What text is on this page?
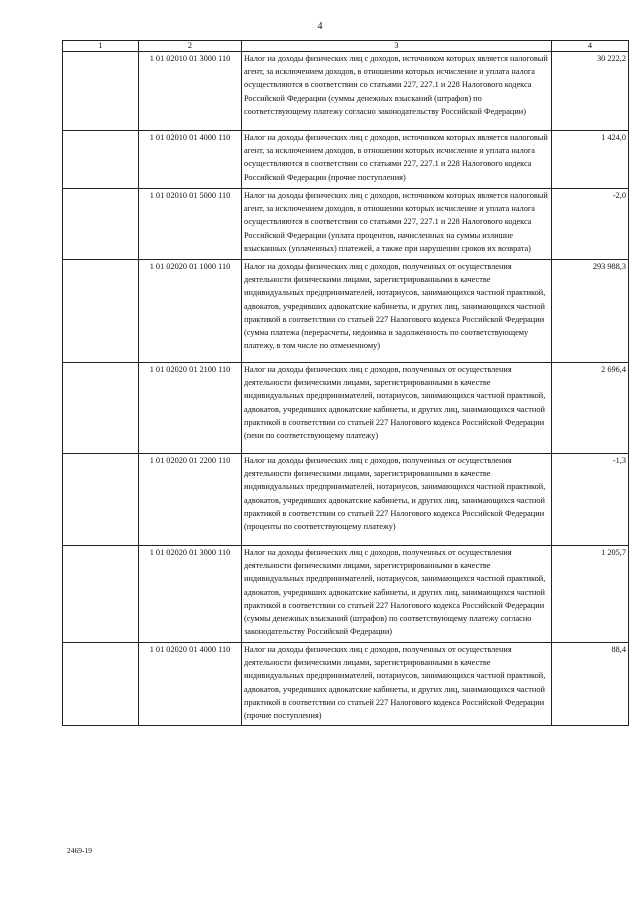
4
1	2	3	4
	1 01 02010 01 3000 110	Налог на доходы физических лиц с доходов, источником которых является налоговый агент, за исключением доходов, в отношении которых исчисление и уплата налога осуществляются в соответствии со статьями 227, 227.1 и 228 Налогового кодекса Российской Федерации (суммы денежных взысканий (штрафов) по соответствующему платежу согласно законодательству Российской Федерации)	30 222,2
	1 01 02010 01 4000 110	Налог на доходы физических лиц с доходов, источником которых является налоговый агент, за исключением доходов, в отношении которых исчисление и уплата налога осуществляются в соответствии со статьями 227, 227.1 и 228 Налогового кодекса Российской Федерации (прочие поступления)	1 424,0
	1 01 02010 01 5000 110	Налог на доходы физических лиц с доходов, источником которых является налоговый агент, за исключением доходов, в отношении которых исчисление и уплата налога осуществляются в соответствии со статьями 227, 227.1 и 228 Налогового кодекса Российской Федерации (уплата процентов, начисленных на суммы излишне взысканных (уплаченных) платежей, а также при нарушении сроков их возврата)	-2,0
	1 01 02020 01 1000 110	Налог на доходы физических лиц с доходов, полученных от осуществления деятельности физическими лицами, зарегистрированными в качестве индивидуальных предпринимателей, нотариусов, занимающихся частной практикой, адвокатов, учредивших адвокатские кабинеты, и других лиц, занимающихся частной практикой в соответствии со статьей 227 Налогового кодекса Российской Федерации (сумма платежа (перерасчеты, недоимка и задолженность по соответствующему платежу, в том числе по отмененному)	293 988,3
	1 01 02020 01 2100 110	Налог на доходы физических лиц с доходов, полученных от осуществления деятельности физическими лицами, зарегистрированными в качестве индивидуальных предпринимателей, нотариусов, занимающихся частной практикой, адвокатов, учредивших адвокатские кабинеты, и других лиц, занимающихся частной практикой в соответствии со статьей 227 Налогового кодекса Российской Федерации (пени по соответствующему платежу)	2 696,4
	1 01 02020 01 2200 110	Налог на доходы физических лиц с доходов, полученных от осуществления деятельности физическими лицами, зарегистрированными в качестве индивидуальных предпринимателей, нотариусов, занимающихся частной практикой, адвокатов, учредивших адвокатские кабинеты, и других лиц, занимающихся частной практикой в соответствии со статьей 227 Налогового кодекса Российской Федерации (проценты по соответствующему платежу)	-1,3
	1 01 02020 01 3000 110	Налог на доходы физических лиц с доходов, полученных от осуществления деятельности физическими лицами, зарегистрированными в качестве индивидуальных предпринимателей, нотариусов, занимающихся частной практикой, адвокатов, учредивших адвокатские кабинеты, и других лиц, занимающихся частной практикой в соответствии со статьей 227 Налогового кодекса Российской Федерации (суммы денежных взысканий (штрафов) по соответствующему платежу согласно законодательству Российской Федерации)	1 205,7
	1 01 02020 01 4000 110	Налог на доходы физических лиц с доходов, полученных от осуществления деятельности физическими лицами, зарегистрированными в качестве индивидуальных предпринимателей, нотариусов, занимающихся частной практикой, адвокатов, учредивших адвокатские кабинеты, и других лиц, занимающихся частной практикой в соответствии со статьей 227 Налогового кодекса Российской Федерации (прочие поступления)	88,4
2469-19
